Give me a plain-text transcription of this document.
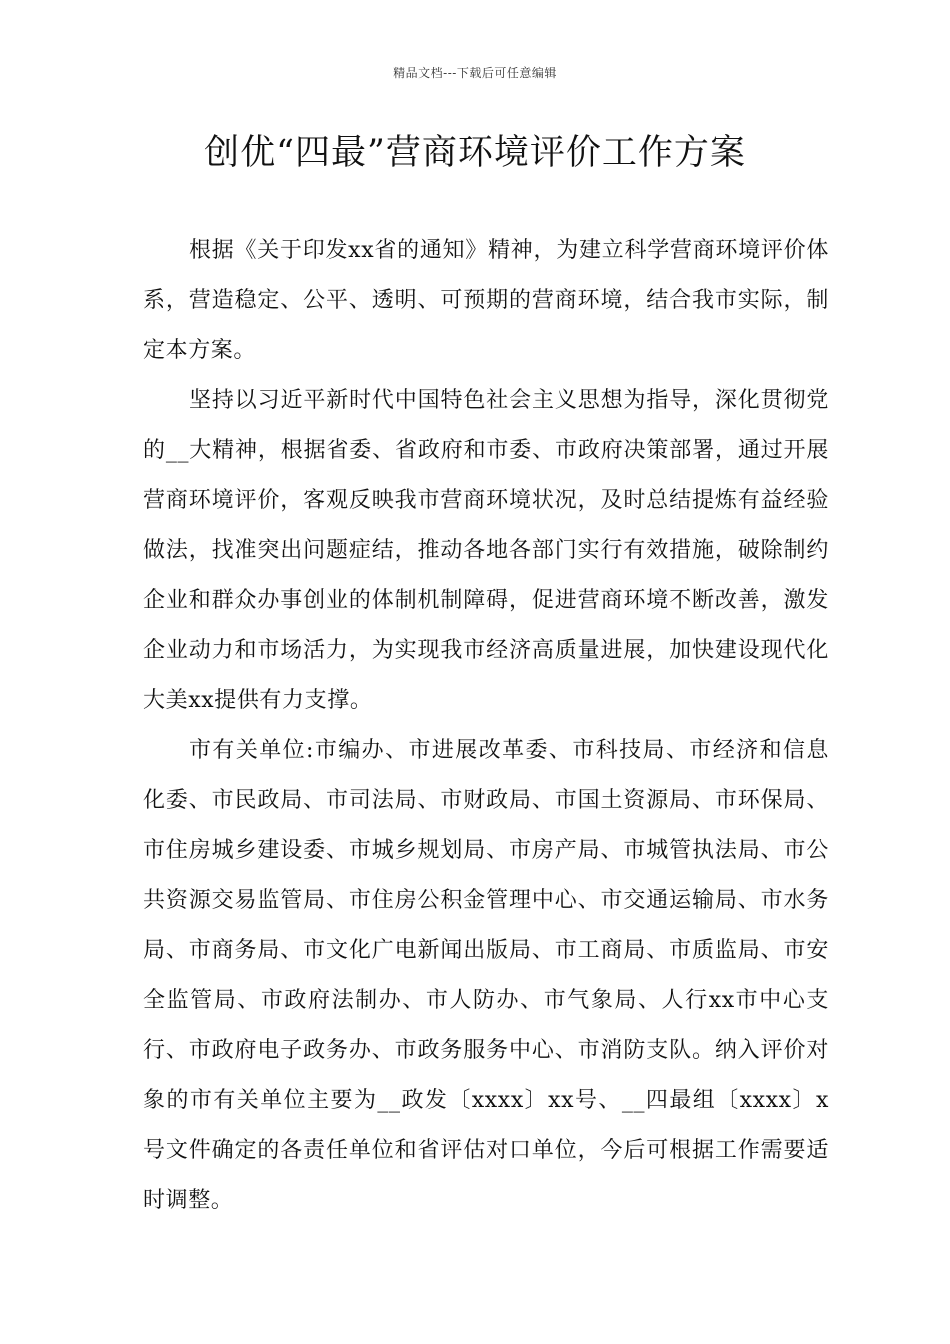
精品文档---下载后可任意编辑
创优“四最”营商环境评价工作方案

根据《关于印发xx省的通知》精神，为建立科学营商环境评价体系，营造稳定、公平、透明、可预期的营商环境，结合我市实际，制定本方案。

坚持以习近平新时代中国特色社会主义思想为指导，深化贯彻党的__大精神，根据省委、省政府和市委、市政府决策部署，通过开展营商环境评价，客观反映我市营商环境状况，及时总结提炼有益经验做法，找准突出问题症结，推动各地各部门实行有效措施，破除制约企业和群众办事创业的体制机制障碍，促进营商环境不断改善，激发企业动力和市场活力，为实现我市经济高质量进展，加快建设现代化大美xx提供有力支撑。

市有关单位:市编办、市进展改革委、市科技局、市经济和信息化委、市民政局、市司法局、市财政局、市国土资源局、市环保局、市住房城乡建设委、市城乡规划局、市房产局、市城管执法局、市公共资源交易监管局、市住房公积金管理中心、市交通运输局、市水务局、市商务局、市文化广电新闻出版局、市工商局、市质监局、市安全监管局、市政府法制办、市人防办、市气象局、人行xx市中心支行、市政府电子政务办、市政务服务中心、市消防支队。纳入评价对象的市有关单位主要为__政发〔xxxx〕xx号、__四最组〔xxxx〕x号文件确定的各责任单位和省评估对口单位，今后可根据工作需要适时调整。
